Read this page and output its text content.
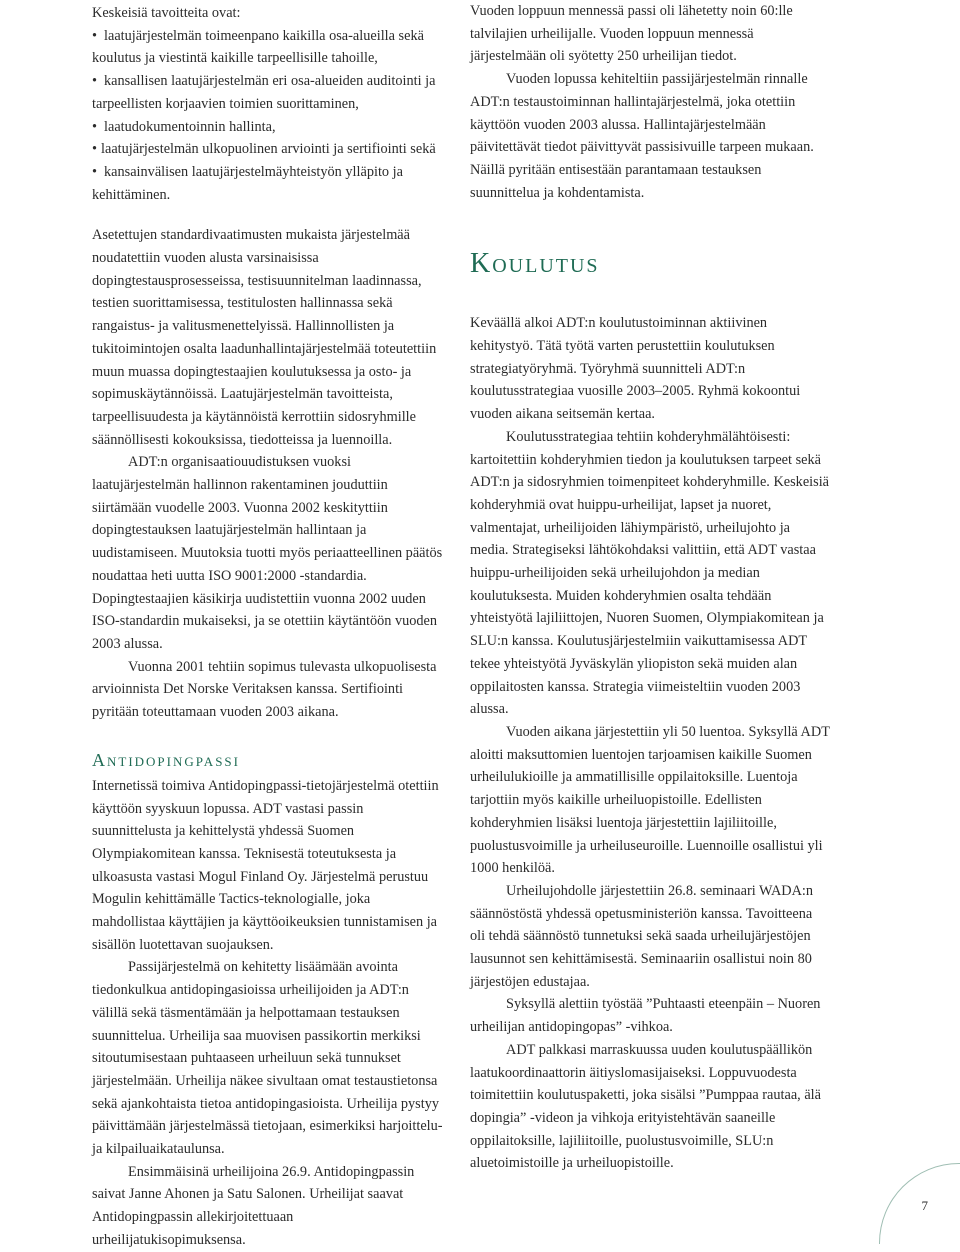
Keskeisiä tavoitteita ovat:

• laatujärjestelmän toimeenpano kaikilla osa-alueilla sekä koulutus ja viestintä kaikille tarpeellisille tahoille,
• kansallisen laatujärjestelmän eri osa-alueiden auditointi ja tarpeellisten korjaavien toimien suorittaminen,
• laatudokumentoinnin hallinta,
• laatujärjestelmän ulkopuolinen arviointi ja sertifiointi sekä
• kansainvälisen laatujärjestelmäyhteistyön ylläpito ja kehittäminen.

Asetettujen standardivaatimusten mukaista järjestelmää noudatettiin vuoden alusta varsinaisissa dopingtestausprosesseissa, testisuunnitelman laadinnassa, testien suorittamisessa, testitulosten hallinnassa sekä rangaistus- ja valitusmenettelyissä. Hallinnollisten ja tukitoimintojen osalta laadunhallintajärjestelmää toteutettiin muun muassa dopingtestaajien koulutuksessa ja osto- ja sopimuskäytännöissä. Laatujärjestelmän tavoitteista, tarpeellisuudesta ja käytännöistä kerrottiin sidosryhmille säännöllisesti kokouksissa, tiedotteissa ja luennoilla.

ADT:n organisaatiouudistuksen vuoksi laatujärjestelmän hallinnon rakentaminen jouduttiin siirtämään vuodelle 2003. Vuonna 2002 keskityttiin dopingtestauksen laatujärjestelmän hallintaan ja uudistamiseen. Muutoksia tuotti myös periaatteellinen päätös noudattaa heti uutta ISO 9001:2000 -standardia. Dopingtestaajien käsikirja uudistettiin vuonna 2002 uuden ISO-standardin mukaiseksi, ja se otettiin käytäntöön vuoden 2003 alussa.

Vuonna 2001 tehtiin sopimus tulevasta ulkopuolisesta arvioinnista Det Norske Veritaksen kanssa. Sertifiointi pyritään toteuttamaan vuoden 2003 aikana.

Antidopingpassi

Internetissä toimiva Antidopingpassi-tietojärjestelmä otettiin käyttöön syyskuun lopussa. ADT vastasi passin suunnittelusta ja kehittelystä yhdessä Suomen Olympiakomitean kanssa. Teknisestä toteutuksesta ja ulkoasusta vastasi Mogul Finland Oy. Järjestelmä perustuu Mogulin kehittämälle Tactics-teknologialle, joka mahdollistaa käyttäjien ja käyttöoikeuksien tunnistamisen ja sisällön luotettavan suojauksen.

Passijärjestelmä on kehitetty lisäämään avointa tiedonkulkua antidopingasioissa urheilijoiden ja ADT:n välillä sekä täsmentämään ja helpottamaan testauksen suunnittelua. Urheilija saa muovisen passikortin merkiksi sitoutumisestaan puhtaaseen urheiluun sekä tunnukset järjestelmään. Urheilija näkee sivultaan omat testaustietonsa sekä ajankohtaista tietoa antidopingasioista. Urheilija pystyy päivittämään järjestelmässä tietojaan, esimerkiksi harjoittelu- ja kilpailuaikataulunsa.

Ensimmäisinä urheilijoina 26.9. Antidopingpassin saivat Janne Ahonen ja Satu Salonen. Urheilijat saavat Antidopingpassin allekirjoitettuaan urheilijatukisopimuksensa.

Vuoden loppuun mennessä passi oli lähetetty noin 60:lle talvilajien urheilijalle. Vuoden loppuun mennessä järjestelmään oli syötetty 250 urheilijan tiedot.

Vuoden lopussa kehiteltiin passijärjestelmän rinnalle ADT:n testaustoiminnan hallintajärjestelmä, joka otettiin käyttöön vuoden 2003 alussa. Hallintajärjestelmään päivitettävät tiedot päivittyvät passisivuille tarpeen mukaan. Näillä pyritään entisestään parantamaan testauksen suunnittelua ja kohdentamista.

Koulutus

Keväällä alkoi ADT:n koulutustoiminnan aktiivinen kehitystyö. Tätä työtä varten perustettiin koulutuksen strategiatyöryhmä. Työryhmä suunnitteli ADT:n koulutusstrategiaa vuosille 2003–2005. Ryhmä kokoontui vuoden aikana seitsemän kertaa.

Koulutusstrategiaa tehtiin kohderyhmälähtöisesti: kartoitettiin kohderyhmien tiedon ja koulutuksen tarpeet sekä ADT:n ja sidosryhmien toimenpiteet kohderyhmille. Keskeisiä kohderyhmiä ovat huippu-urheilijat, lapset ja nuoret, valmentajat, urheilijoiden lähiympäristö, urheilujohto ja media. Strategiseksi lähtökohdaksi valittiin, että ADT vastaa huippu-urheilijoiden sekä urheilujohdon ja median koulutuksesta. Muiden kohderyhmien osalta tehdään yhteistyötä lajiliittojen, Nuoren Suomen, Olympiakomitean ja SLU:n kanssa. Koulutusjärjestelmiin vaikuttamisessa ADT tekee yhteistyötä Jyväskylän yliopiston sekä muiden alan oppilaitosten kanssa. Strategia viimeisteltiin vuoden 2003 alussa.

Vuoden aikana järjestettiin yli 50 luentoa. Syksyllä ADT aloitti maksuttomien luentojen tarjoamisen kaikille Suomen urheilulukioille ja ammatillisille oppilaitoksille. Luentoja tarjottiin myös kaikille urheiluopistoille. Edellisten kohderyhmien lisäksi luentoja järjestettiin lajiliitoille, puolustusvoimille ja urheiluseuroille. Luennoille osallistui yli 1000 henkilöä.

Urheilujohdolle järjestettiin 26.8. seminaari WADA:n säännöstöstä yhdessä opetusministeriön kanssa. Tavoitteena oli tehdä säännöstö tunnetuksi sekä saada urheilujärjestöjen lausunnot sen kehittämisestä. Seminaariin osallistui noin 80 järjestöjen edustajaa.

Syksyllä alettiin työstää ”Puhtaasti eteenpäin – Nuoren urheilijan antidopingopas” -vihkoa.

ADT palkkasi marraskuussa uuden koulutuspäällikön laatukoordinaattorin äitiyslomasijaiseksi. Loppuvuodesta toimitettiin koulutuspaketti, joka sisälsi ”Pumppaa rautaa, älä dopingia” -videon ja vihkoja erityistehtävän saaneille oppilaitoksille, lajiliitoille, puolustusvoimille, SLU:n aluetoimistoille ja urheiluopistoille.

7
